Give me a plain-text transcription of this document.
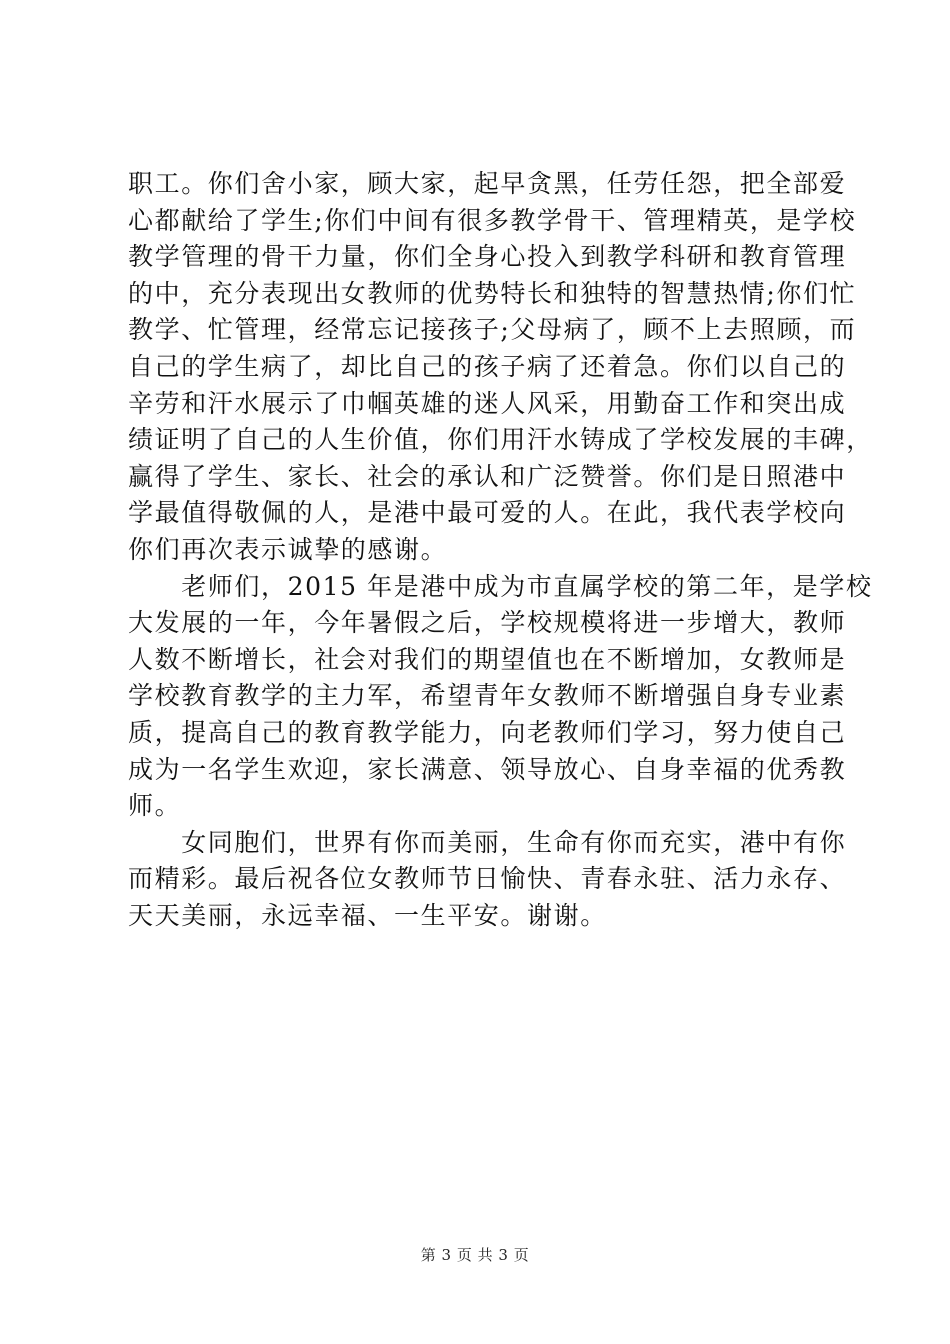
职工。你们舍小家，顾大家，起早贪黑，任劳任怨，把全部爱
心都献给了学生;你们中间有很多教学骨干、管理精英，是学校
教学管理的骨干力量，你们全身心投入到教学科研和教育管理
的中，充分表现出女教师的优势特长和独特的智慧热情;你们忙
教学、忙管理，经常忘记接孩子;父母病了，顾不上去照顾，而
自己的学生病了，却比自己的孩子病了还着急。你们以自己的
辛劳和汗水展示了巾帼英雄的迷人风采，用勤奋工作和突出成
绩证明了自己的人生价值，你们用汗水铸成了学校发展的丰碑，
赢得了学生、家长、社会的承认和广泛赞誉。你们是日照港中
学最值得敬佩的人，是港中最可爱的人。在此，我代表学校向
你们再次表示诚挚的感谢。
　　老师们，2015 年是港中成为市直属学校的第二年，是学校
大发展的一年，今年暑假之后，学校规模将进一步增大，教师
人数不断增长，社会对我们的期望值也在不断增加，女教师是
学校教育教学的主力军，希望青年女教师不断增强自身专业素
质，提高自己的教育教学能力，向老教师们学习，努力使自己
成为一名学生欢迎，家长满意、领导放心、自身幸福的优秀教
师。
　　女同胞们，世界有你而美丽，生命有你而充实，港中有你
而精彩。最后祝各位女教师节日愉快、青春永驻、活力永存、
天天美丽，永远幸福、一生平安。谢谢。
第 3 页 共 3 页
